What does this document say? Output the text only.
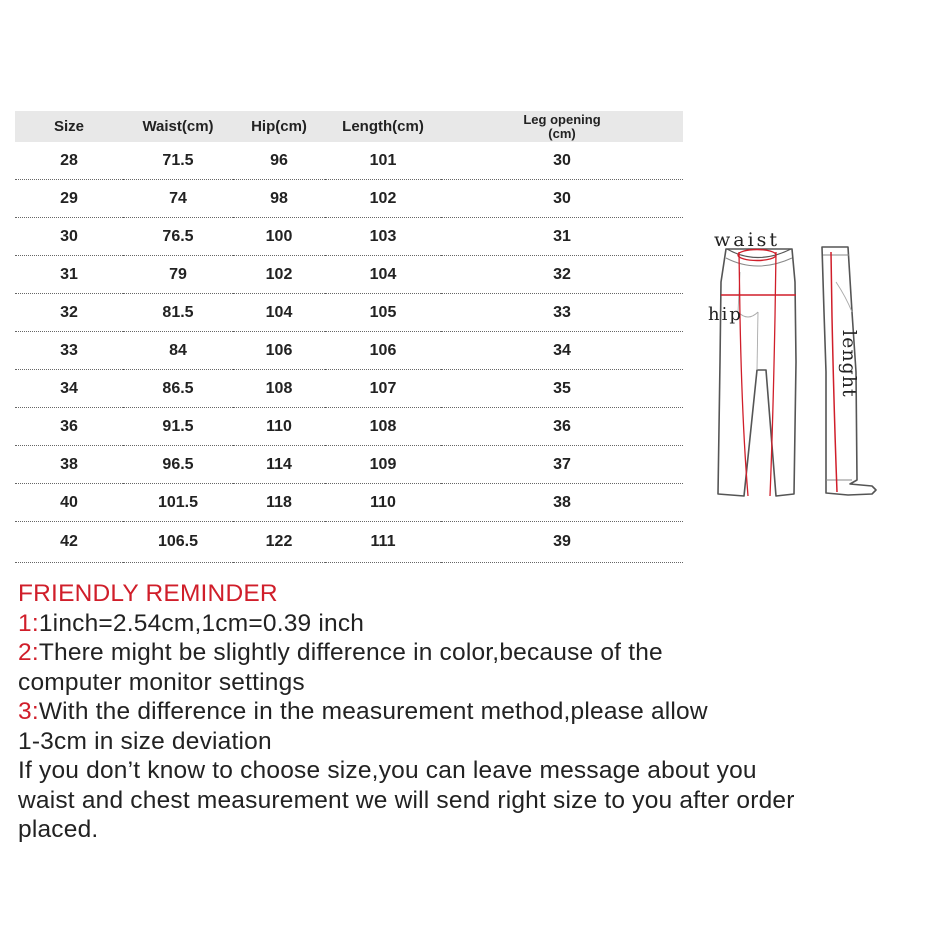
Size	Waist(cm)	Hip(cm)	Length(cm)	Leg opening
(cm)
28	71.5	96	101	30
29	74	98	102	30
30	76.5	100	103	31
31	79	102	104	32
32	81.5	104	105	33
33	84	106	106	34
34	86.5	108	107	35
36	91.5	110	108	36
38	96.5	114	109	37
40	101.5	118	110	38
42	106.5	122	111	39
waist
hip
lenght
FRIENDLY REMINDER
1:1inch=2.54cm,1cm=0.39 inch
2:There might be slightly difference in color,because of the
computer monitor settings
3:With the difference in the measurement method,please allow
1-3cm in size deviation
If you don’t know to choose size,you can leave message about you
waist and chest measurement we will send right size to you after order
placed.
